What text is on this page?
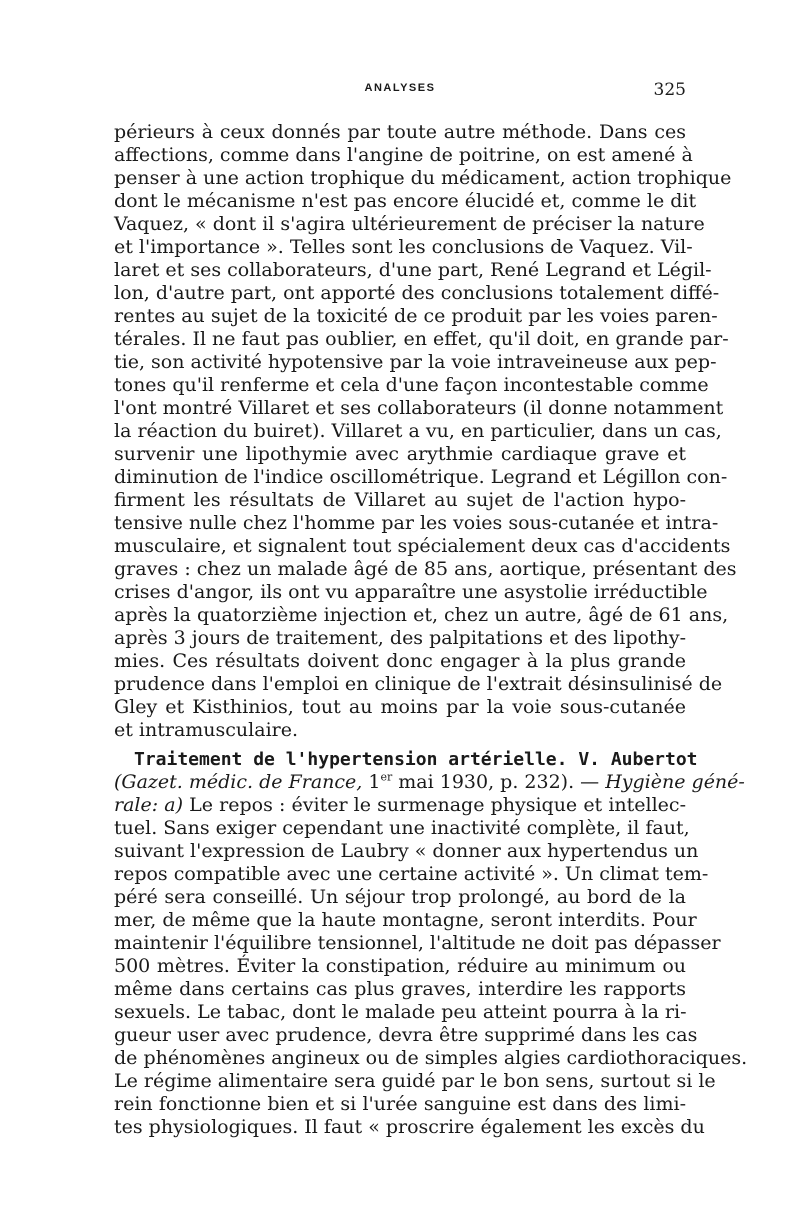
ANALYSES	325
périeurs à ceux donnés par toute autre méthode. Dans ces
affections, comme dans l'angine de poitrine, on est amené à
penser à une action trophique du médicament, action trophique
dont le mécanisme n'est pas encore élucidé et, comme le dit
Vaquez, « dont il s'agira ultérieurement de préciser la nature
et l'importance ». Telles sont les conclusions de Vaquez. Vil-
laret et ses collaborateurs, d'une part, René Legrand et Légil-
lon, d'autre part, ont apporté des conclusions totalement diffé-
rentes au sujet de la toxicité de ce produit par les voies paren-
térales. Il ne faut pas oublier, en effet, qu'il doit, en grande par-
tie, son activité hypotensive par la voie intraveineuse aux pep-
tones qu'il renferme et cela d'une façon incontestable comme
l'ont montré Villaret et ses collaborateurs (il donne notamment
la réaction du buiret). Villaret a vu, en particulier, dans un cas,
survenir une lipothymie avec arythmie cardiaque grave et
diminution de l'indice oscillométrique. Legrand et Légillon con-
firment les résultats de Villaret au sujet de l'action hypo-
tensive nulle chez l'homme par les voies sous-cutanée et intra-
musculaire, et signalent tout spécialement deux cas d'accidents
graves : chez un malade âgé de 85 ans, aortique, présentant des
crises d'angor, ils ont vu apparaître une asystolie irréductible
après la quatorzième injection et, chez un autre, âgé de 61 ans,
après 3 jours de traitement, des palpitations et des lipothy-
mies. Ces résultats doivent donc engager à la plus grande
prudence dans l'emploi en clinique de l'extrait désinsulinisé de
Gley et Kisthinios, tout au moins par la voie sous-cutanée
et intramusculaire.
Traitement de l'hypertension artérielle. V. Aubertot
(Gazet. médic. de France, 1er mai 1930, p. 232). — Hygiène géné-
rale: a) Le repos : éviter le surmenage physique et intellec-
tuel. Sans exiger cependant une inactivité complète, il faut,
suivant l'expression de Laubry « donner aux hypertendus un
repos compatible avec une certaine activité ». Un climat tem-
péré sera conseillé. Un séjour trop prolongé, au bord de la
mer, de même que la haute montagne, seront interdits. Pour
maintenir l'équilibre tensionnel, l'altitude ne doit pas dépasser
500 mètres. Éviter la constipation, réduire au minimum ou
même dans certains cas plus graves, interdire les rapports
sexuels. Le tabac, dont le malade peu atteint pourra à la ri-
gueur user avec prudence, devra être supprimé dans les cas
de phénomènes angineux ou de simples algies cardiothoraciques.
Le régime alimentaire sera guidé par le bon sens, surtout si le
rein fonctionne bien et si l'urée sanguine est dans des limi-
tes physiologiques. Il faut « proscrire également les excès du
